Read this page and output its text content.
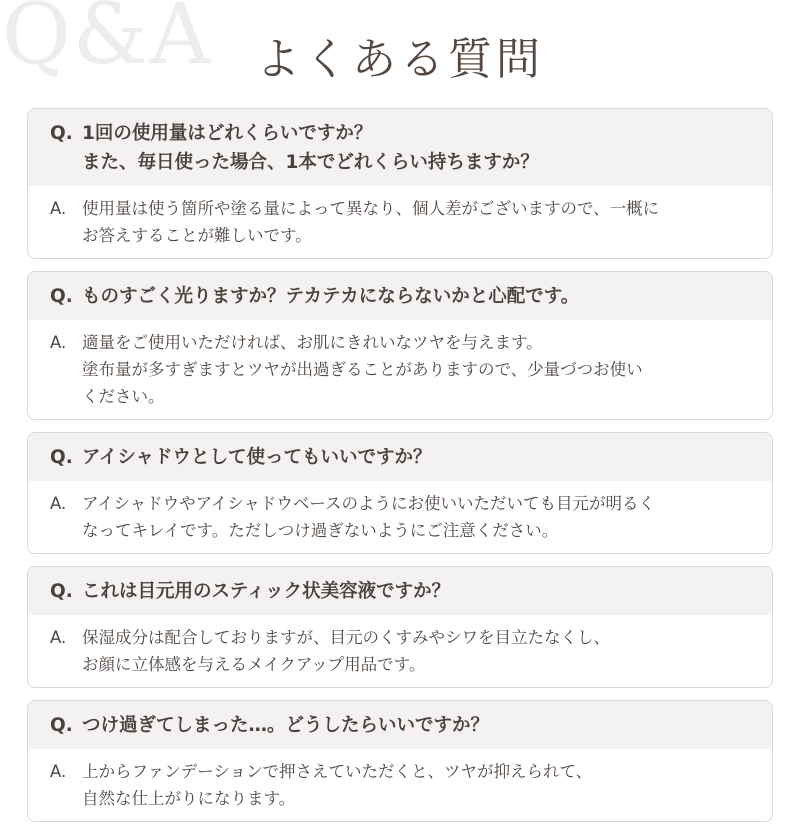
Q&A よくある質問
Q. 1回の使用量はどれくらいですか？
また、毎日使った場合、1本でどれくらい持ちますか？
A. 使用量は使う箇所や塗る量によって異なり、個人差がございますので、一概に
お答えすることが難しいです。
Q. ものすごく光りますか？テカテカにならないかと心配です。
A. 適量をご使用いただければ、お肌にきれいなツヤを与えます。
塗布量が多すぎますとツヤが出過ぎることがありますので、少量づつお使い
ください。
Q. アイシャドウとして使ってもいいですか？
A. アイシャドウやアイシャドウベースのようにお使いいただいても目元が明るく
なってキレイです。ただしつけ過ぎないようにご注意ください。
Q. これは目元用のスティック状美容液ですか？
A. 保湿成分は配合しておりますが、目元のくすみやシワを目立たなくし、
お顔に立体感を与えるメイクアップ用品です。
Q. つけ過ぎてしまった…。どうしたらいいですか？
A. 上からファンデーションで押さえていただくと、ツヤが抑えられて、
自然な仕上がりになります。
